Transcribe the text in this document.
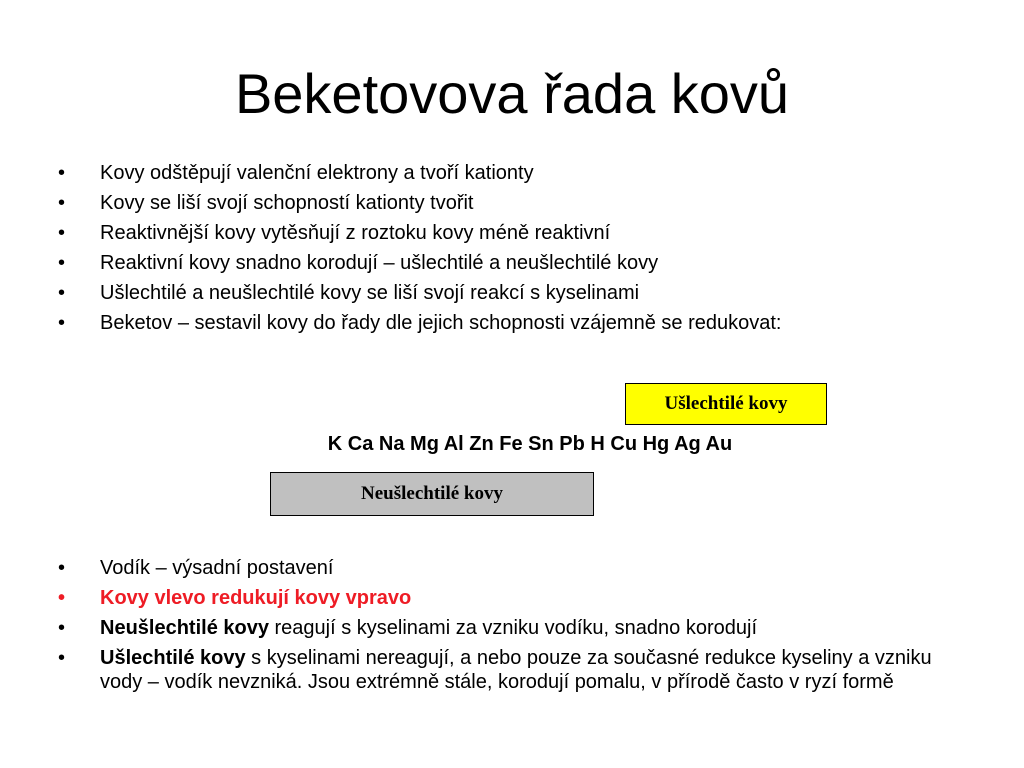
Beketovova řada kovů
•	Kovy odštěpují valenční elektrony a tvoří kationty
•	Kovy se liší svojí schopností kationty tvořit
•	Reaktivnější kovy vytěsňují z roztoku kovy méně reaktivní
•	Reaktivní kovy snadno korodují – ušlechtilé a neušlechtilé kovy
•	Ušlechtilé a neušlechtilé kovy se liší svojí reakcí s kyselinami
•	Beketov – sestavil kovy do řady dle jejich schopnosti vzájemně se redukovat:
Ušlechtilé kovy
K Ca Na Mg Al Zn Fe Sn Pb H Cu Hg Ag Au
Neušlechtilé kovy
•	Vodík – výsadní postavení
•	Kovy vlevo redukují kovy vpravo
•	Neušlechtilé kovy reagují s kyselinami za vzniku vodíku, snadno korodují
•	Ušlechtilé kovy s kyselinami nereagují, a nebo pouze za současné redukce kyseliny a vzniku vody – vodík nevzniká. Jsou extrémně stále, korodují pomalu, v přírodě často v ryzí formě
